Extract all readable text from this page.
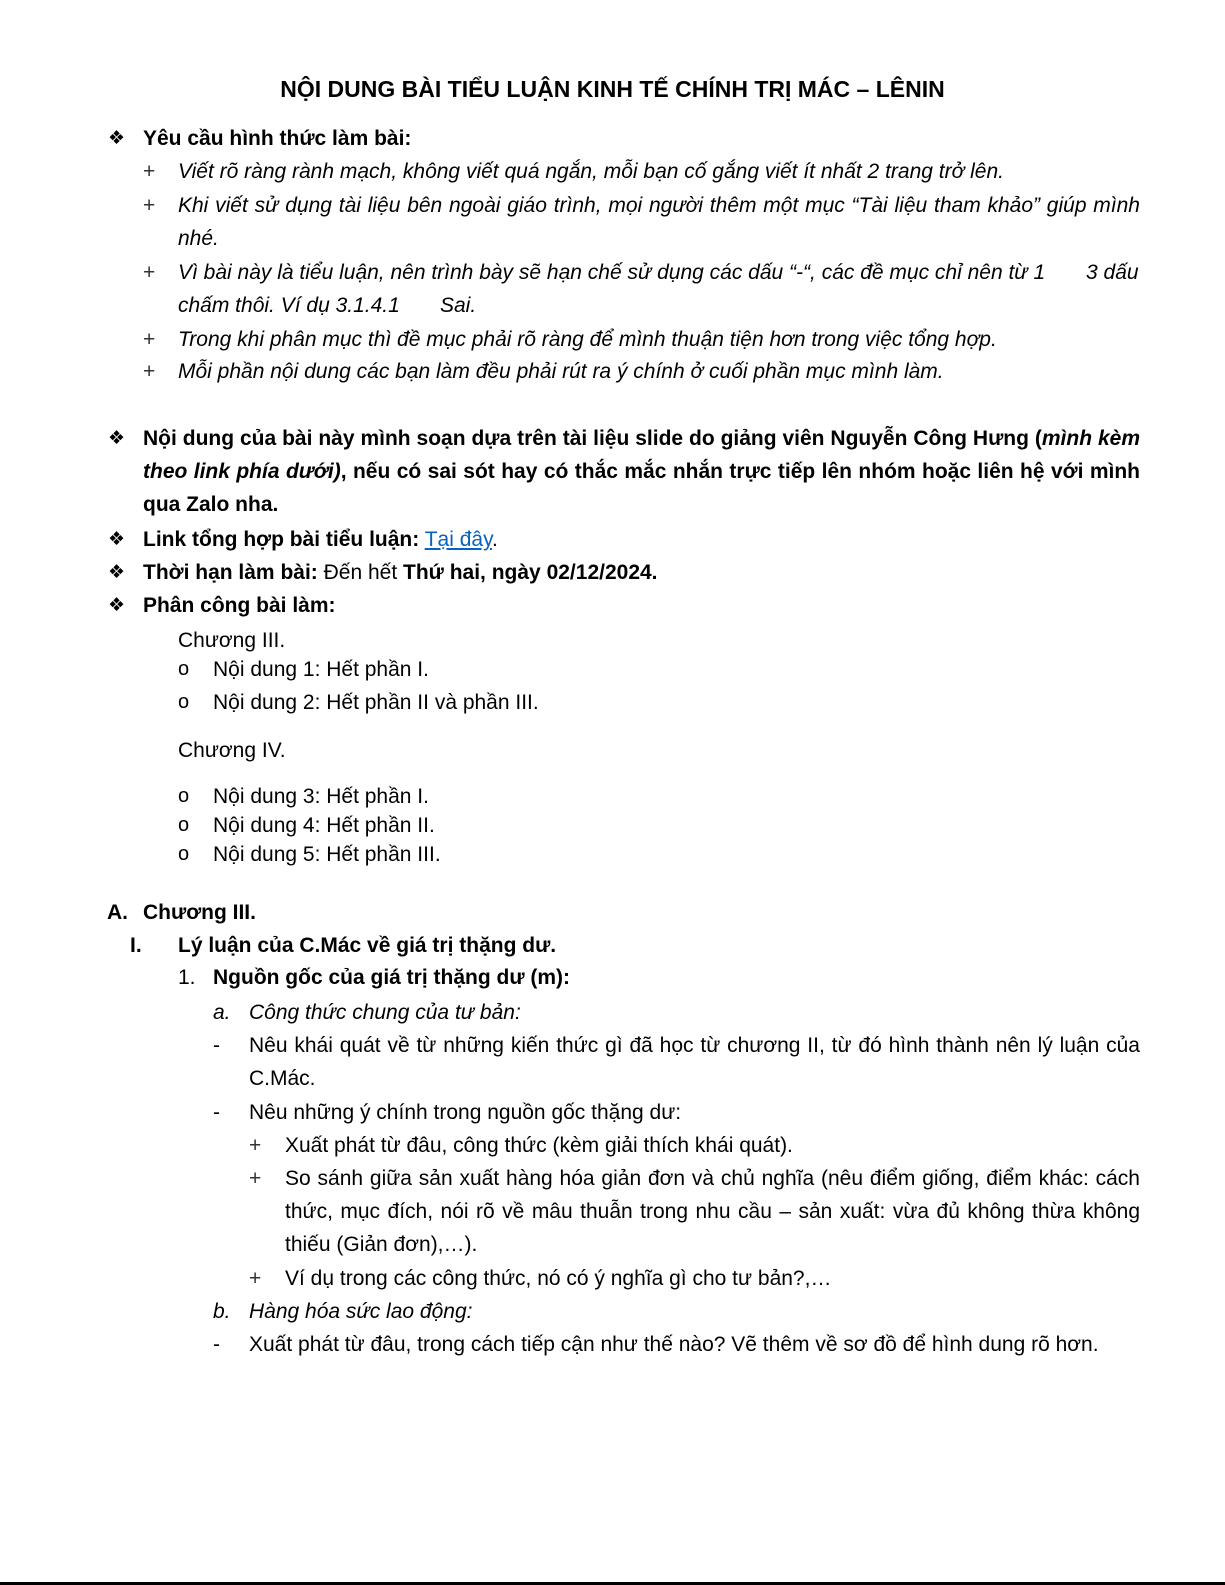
NỘI DUNG BÀI TIỂU LUẬN KINH TẾ CHÍNH TRỊ MÁC – LÊNIN
❖ Yêu cầu hình thức làm bài:
+ Viết rõ ràng rành mạch, không viết quá ngắn, mỗi bạn cố gắng viết ít nhất 2 trang trở lên.
+ Khi viết sử dụng tài liệu bên ngoài giáo trình, mọi người thêm một mục “Tài liệu tham khảo” giúp mình nhé.
+ Vì bài này là tiểu luận, nên trình bày sẽ hạn chế sử dụng các dấu “-“, các đề mục chỉ nên từ 1 3 dấu
chấm thôi. Ví dụ 3.1.4.1 Sai.
+ Trong khi phân mục thì đề mục phải rõ ràng để mình thuận tiện hơn trong việc tổng hợp.
+ Mỗi phần nội dung các bạn làm đều phải rút ra ý chính ở cuối phần mục mình làm.
❖ Nội dung của bài này mình soạn dựa trên tài liệu slide do giảng viên Nguyễn Công Hưng (mình kèm theo link phía dưới), nếu có sai sót hay có thắc mắc nhắn trực tiếp lên nhóm hoặc liên hệ với mình qua Zalo nha.
❖ Link tổng hợp bài tiểu luận: Tại đây.
❖ Thời hạn làm bài: Đến hết Thứ hai, ngày 02/12/2024.
❖ Phân công bài làm:
Chương III.
o Nội dung 1: Hết phần I.
o Nội dung 2: Hết phần II và phần III.
Chương IV.
o Nội dung 3: Hết phần I.
o Nội dung 4: Hết phần II.
o Nội dung 5: Hết phần III.
A. Chương III.
I. Lý luận của C.Mác về giá trị thặng dư.
1. Nguồn gốc của giá trị thặng dư (m):
a. Công thức chung của tư bản:
- Nêu khái quát về từ những kiến thức gì đã học từ chương II, từ đó hình thành nên lý luận của C.Mác.
- Nêu những ý chính trong nguồn gốc thặng dư:
+ Xuất phát từ đâu, công thức (kèm giải thích khái quát).
+ So sánh giữa sản xuất hàng hóa giản đơn và chủ nghĩa (nêu điểm giống, điểm khác: cách thức, mục đích, nói rõ về mâu thuẫn trong nhu cầu – sản xuất: vừa đủ không thừa không thiếu (Giản đơn),…).
+ Ví dụ trong các công thức, nó có ý nghĩa gì cho tư bản?,…
b. Hàng hóa sức lao động:
- Xuất phát từ đâu, trong cách tiếp cận như thế nào? Vẽ thêm về sơ đồ để hình dung rõ hơn.
